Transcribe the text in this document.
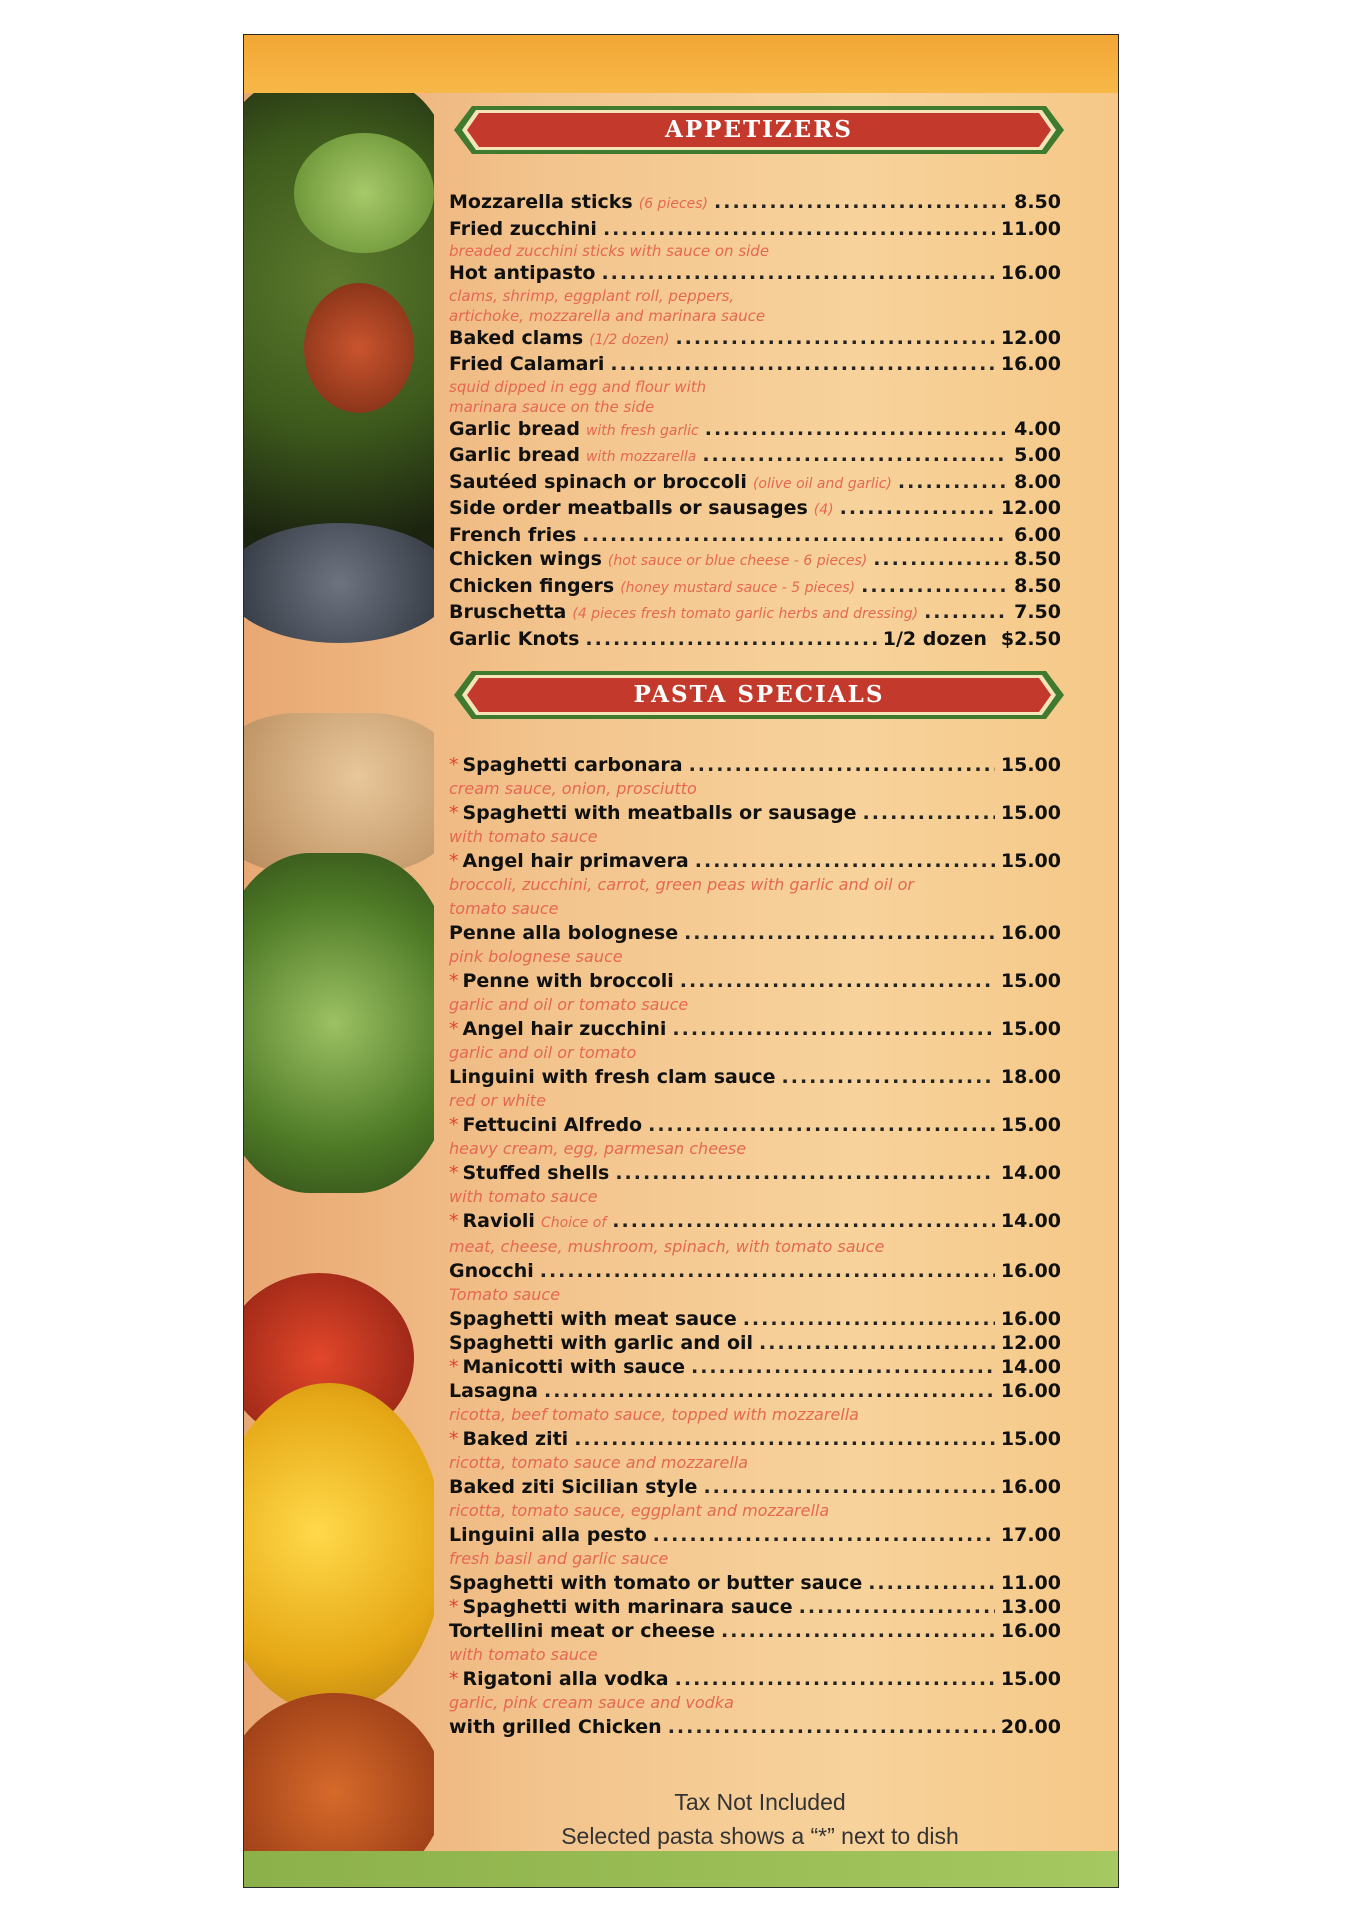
APPETIZERS
Mozzarella sticks (6 pieces) .....	8.50
Fried zucchini .....	11.00
breaded zucchini sticks with sauce on side
Hot antipasto .....	16.00
clams, shrimp, eggplant roll, peppers,
artichoke, mozzarella and marinara sauce
Baked clams (1/2 dozen) .....	12.00
Fried Calamari .....	16.00
squid dipped in egg and flour with
marinara sauce on the side
Garlic bread with fresh garlic .....	4.00
Garlic bread with mozzarella .....	5.00
Sautéed spinach or broccoli (olive oil and garlic) .....	8.00
Side order meatballs or sausages (4) .....	12.00
French fries .....	6.00
Chicken wings (hot sauce or blue cheese - 6 pieces) .....	8.50
Chicken fingers (honey mustard sauce - 5 pieces) .....	8.50
Bruschetta (4 pieces fresh tomato garlic herbs and dressing) .....	7.50
Garlic Knots .....	1/2 dozen $2.50
PASTA SPECIALS
* Spaghetti carbonara .....	15.00
cream sauce, onion, prosciutto
* Spaghetti with meatballs or sausage .....	15.00
with tomato sauce
* Angel hair primavera .....	15.00
broccoli, zucchini, carrot, green peas with garlic and oil or
tomato sauce
Penne alla bolognese .....	16.00
pink bolognese sauce
* Penne with broccoli .....	15.00
garlic and oil or tomato sauce
* Angel hair zucchini .....	15.00
garlic and oil or tomato
Linguini with fresh clam sauce .....	18.00
red or white
* Fettucini Alfredo .....	15.00
heavy cream, egg, parmesan cheese
* Stuffed shells .....	14.00
with tomato sauce
* Ravioli Choice of .....	14.00
meat, cheese, mushroom, spinach, with tomato sauce
Gnocchi .....	16.00
Tomato sauce
Spaghetti with meat sauce .....	16.00
Spaghetti with garlic and oil .....	12.00
* Manicotti with sauce .....	14.00
Lasagna .....	16.00
ricotta, beef tomato sauce, topped with mozzarella
* Baked ziti .....	15.00
ricotta, tomato sauce and mozzarella
Baked ziti Sicilian style .....	16.00
ricotta, tomato sauce, eggplant and mozzarella
Linguini alla pesto .....	17.00
fresh basil and garlic sauce
Spaghetti with tomato or butter sauce .....	11.00
* Spaghetti with marinara sauce .....	13.00
Tortellini meat or cheese .....	16.00
with tomato sauce
* Rigatoni alla vodka .....	15.00
garlic, pink cream sauce and vodka
with grilled Chicken .....	20.00
Tax Not Included
Selected pasta shows a “*” next to dish
